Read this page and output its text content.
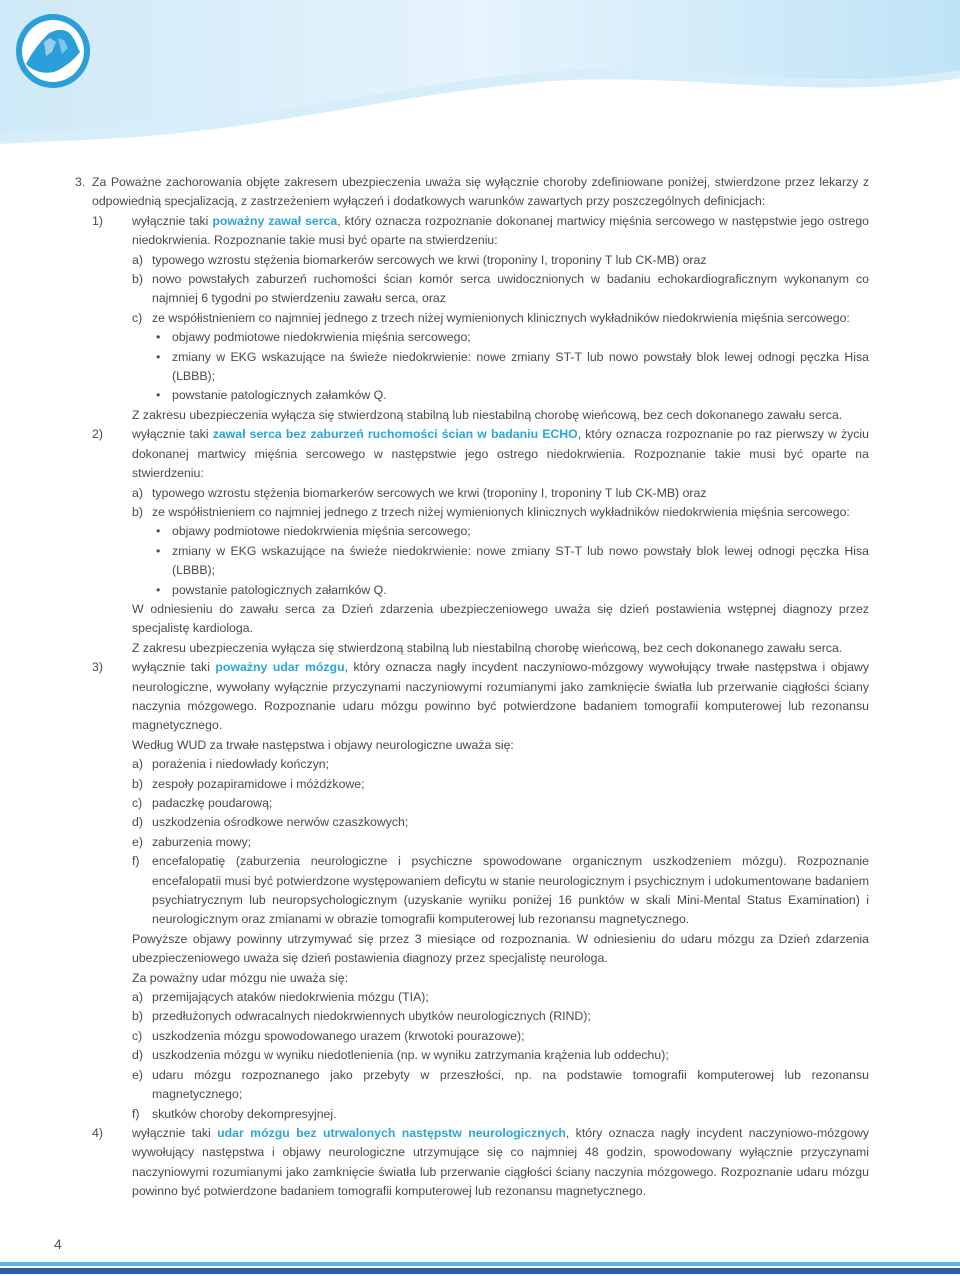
3. Za Poważne zachorowania objęte zakresem ubezpieczenia uważa się wyłącznie choroby zdefiniowane poniżej, stwierdzone przez lekarzy z odpowiednią specjalizacją, z zastrzeżeniem wyłączeń i dodatkowych warunków zawartych przy poszczególnych definicjach:
1)	wyłącznie taki poważny zawał serca, który oznacza rozpoznanie dokonanej martwicy mięśnia sercowego w następstwie jego ostrego niedokrwienia. Rozpoznanie takie musi być oparte na stwierdzeniu:
a) typowego wzrostu stężenia biomarkerów sercowych we krwi (troponiny I, troponiny T lub CK-MB) oraz
b) nowo powstałych zaburzeń ruchomości ścian komór serca uwidocznionych w badaniu echokardiograficznym wykonanym co najmniej 6 tygodni po stwierdzeniu zawału serca, oraz
c) ze współistnieniem co najmniej jednego z trzech niżej wymienionych klinicznych wykładników niedokrwienia mięśnia sercowego:
• objawy podmiotowe niedokrwienia mięśnia sercowego;
• zmiany w EKG wskazujące na świeże niedokrwienie: nowe zmiany ST-T lub nowo powstały blok lewej odnogi pęczka Hisa (LBBB);
• powstanie patologicznych załamków Q.

Z zakresu ubezpieczenia wyłącza się stwierdzoną stabilną lub niestabilną chorobę wieńcową, bez cech dokonanego zawału serca.

2)	wyłącznie taki zawał serca bez zaburzeń ruchomości ścian w badaniu ECHO, który oznacza rozpoznanie po raz pierwszy w życiu dokonanej martwicy mięśnia sercowego w następstwie jego ostrego niedokrwienia. Rozpoznanie takie musi być oparte na stwierdzeniu:
a) typowego wzrostu stężenia biomarkerów sercowych we krwi (troponiny I, troponiny T lub CK-MB) oraz
b) ze współistnieniem co najmniej jednego z trzech niżej wymienionych klinicznych wykładników niedokrwienia mięśnia sercowego:
• objawy podmiotowe niedokrwienia mięśnia sercowego;
• zmiany w EKG wskazujące na świeże niedokrwienie: nowe zmiany ST-T lub nowo powstały blok lewej odnogi pęczka Hisa (LBBB);
• powstanie patologicznych załamków Q.

W odniesieniu do zawału serca za Dzień zdarzenia ubezpieczeniowego uważa się dzień postawienia wstępnej diagnozy przez specjalistę kardiologa.

Z zakresu ubezpieczenia wyłącza się stwierdzoną stabilną lub niestabilną chorobę wieńcową, bez cech dokonanego zawału serca.

3)	wyłącznie taki poważny udar mózgu, który oznacza nagły incydent naczyniowo-mózgowy wywołujący trwałe następstwa i objawy neurologiczne, wywołany wyłącznie przyczynami naczyniowymi rozumianymi jako zamknięcie światła lub przerwanie ciągłości ściany naczynia mózgowego. Rozpoznanie udaru mózgu powinno być potwierdzone badaniem tomografii komputerowej lub rezonansu magnetycznego.

Według WUD za trwałe następstwa i objawy neurologiczne uważa się:

a) porażenia i niedowłady kończyn;
b) zespoły pozapiramidowe i móżdżkowe;
c) padaczkę poudarową;
d) uszkodzenia ośrodkowe nerwów czaszkowych;
e) zaburzenia mowy;
f)	encefalopatię (zaburzenia neurologiczne i psychiczne spowodowane organicznym uszkodzeniem mózgu). Rozpoznanie encefalopatii musi być potwierdzone występowaniem deficytu w stanie neurologicznym i psychicznym i udokumentowane badaniem psychiatrycznym lub neuropsychologicznym (uzyskanie wyniku poniżej 16 punktów w skali Mini-Mental Status Examination) i neurologicznym oraz zmianami w obrazie tomografii komputerowej lub rezonansu magnetycznego.

Powyższe objawy powinny utrzymywać się przez 3 miesiące od rozpoznania. W odniesieniu do udaru mózgu za Dzień zdarzenia ubezpieczeniowego uważa się dzień postawienia diagnozy przez specjalistę neurologa.

Za poważny udar mózgu nie uważa się:

a) przemijających ataków niedokrwienia mózgu (TIA);
b) przedłużonych odwracalnych niedokrwiennych ubytków neurologicznych (RIND);
c) uszkodzenia mózgu spowodowanego urazem (krwotoki pourazowe);
d) uszkodzenia mózgu w wyniku niedotlenienia (np. w wyniku zatrzymania krążenia lub oddechu);
e) udaru mózgu rozpoznanego jako przebyty w przeszłości, np. na podstawie tomografii komputerowej lub rezonansu magnetycznego;
f)	skutków choroby dekompresyjnej.
4)	wyłącznie taki udar mózgu bez utrwalonych następstw neurologicznych, który oznacza nagły incydent naczyniowo-mózgowy wywołujący następstwa i objawy neurologiczne utrzymujące się co najmniej 48 godzin, spowodowany wyłącznie przyczynami naczyniowymi rozumianymi jako zamknięcie światła lub przerwanie ciągłości ściany naczynia mózgowego. Rozpoznanie udaru mózgu powinno być potwierdzone badaniem tomografii komputerowej lub rezonansu magnetycznego.
4
